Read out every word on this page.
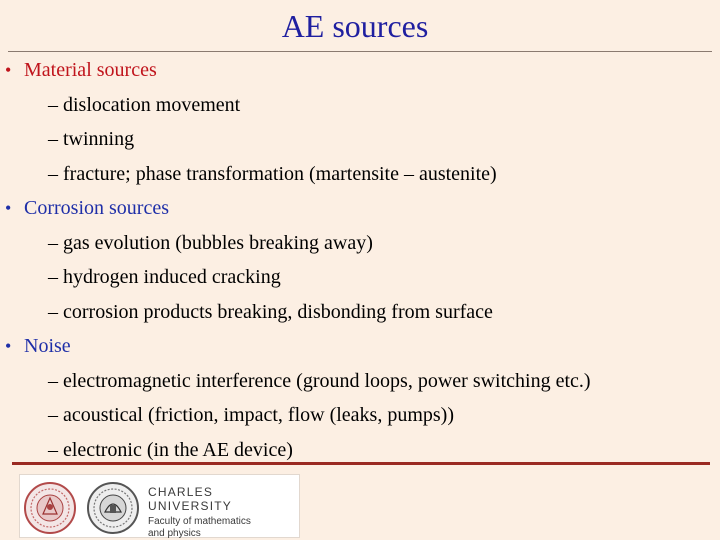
AE sources
• Material sources
– dislocation movement
– twinning
– fracture; phase transformation (martensite – austenite)
• Corrosion sources
– gas evolution (bubbles breaking away)
– hydrogen induced cracking
– corrosion products breaking, disbonding from surface
• Noise
– electromagnetic interference (ground loops, power switching etc.)
– acoustical (friction, impact, flow (leaks, pumps))
– electronic (in the AE device)
CHARLES UNIVERSITY
Faculty of mathematics
and physics
